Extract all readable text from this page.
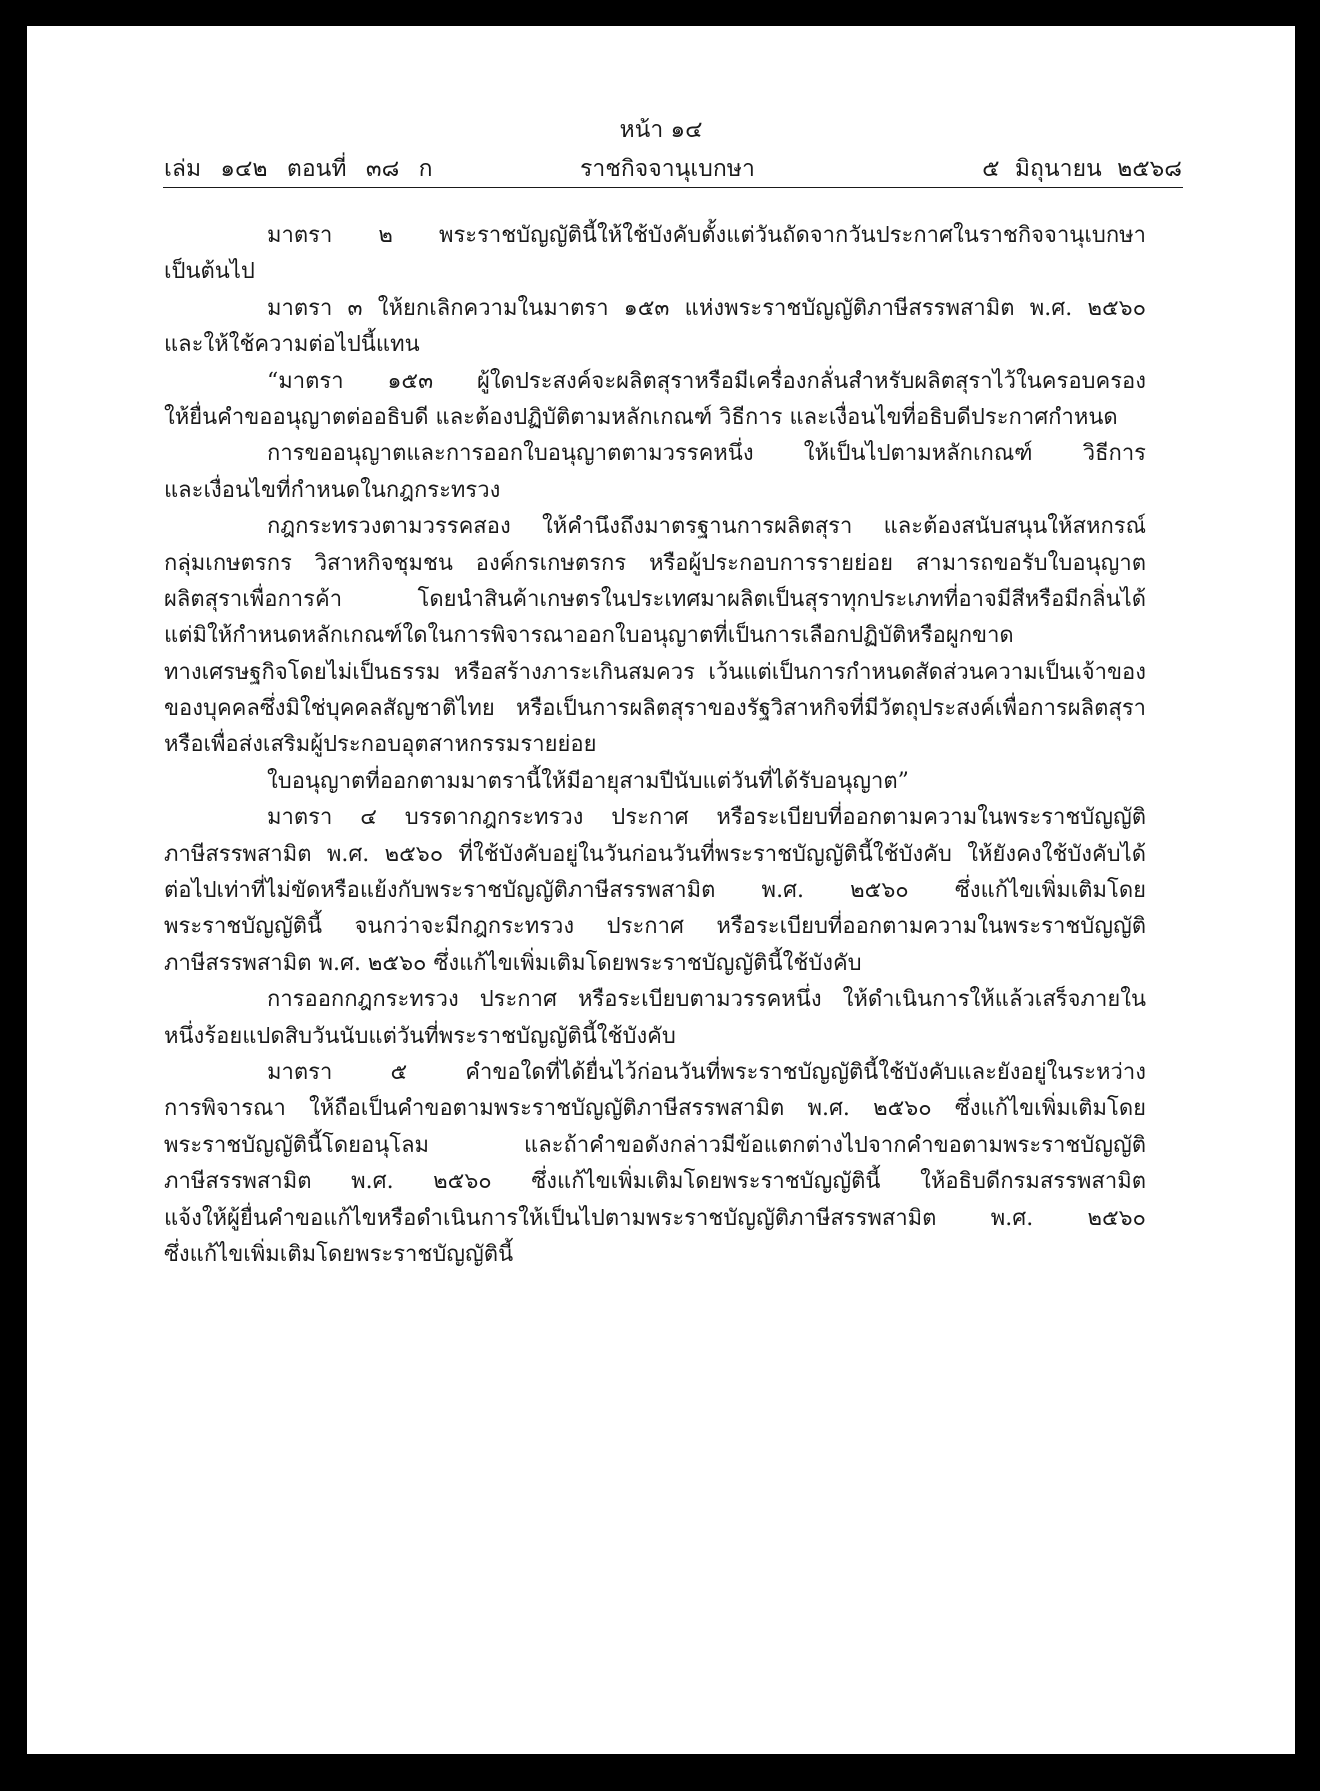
หน้า ๑๔
เล่ม ๑๔๒ ตอนที่ ๓๘ ก	ราชกิจจานุเบกษา	๕ มิถุนายน ๒๕๖๘
มาตรา ๒ พระราชบัญญัตินี้ให้ใช้บังคับตั้งแต่วันถัดจากวันประกาศในราชกิจจานุเบกษา
เป็นต้นไป
มาตรา ๓ ให้ยกเลิกความในมาตรา ๑๕๓ แห่งพระราชบัญญัติภาษีสรรพสามิต พ.ศ. ๒๕๖๐
และให้ใช้ความต่อไปนี้แทน
“มาตรา ๑๕๓ ผู้ใดประสงค์จะผลิตสุราหรือมีเครื่องกลั่นสำหรับผลิตสุราไว้ในครอบครอง
ให้ยื่นคำขออนุญาตต่ออธิบดี และต้องปฏิบัติตามหลักเกณฑ์ วิธีการ และเงื่อนไขที่อธิบดีประกาศกำหนด
การขออนุญาตและการออกใบอนุญาตตามวรรคหนึ่ง ให้เป็นไปตามหลักเกณฑ์ วิธีการ
และเงื่อนไขที่กำหนดในกฎกระทรวง
กฎกระทรวงตามวรรคสอง ให้คำนึงถึงมาตรฐานการผลิตสุรา และต้องสนับสนุนให้สหกรณ์
กลุ่มเกษตรกร วิสาหกิจชุมชน องค์กรเกษตรกร หรือผู้ประกอบการรายย่อย สามารถขอรับใบอนุญาต
ผลิตสุราเพื่อการค้า โดยนำสินค้าเกษตรในประเทศมาผลิตเป็นสุราทุกประเภทที่อาจมีสีหรือมีกลิ่นได้
แต่มิให้กำหนดหลักเกณฑ์ใดในการพิจารณาออกใบอนุญาตที่เป็นการเลือกปฏิบัติหรือผูกขาด
ทางเศรษฐกิจโดยไม่เป็นธรรม หรือสร้างภาระเกินสมควร เว้นแต่เป็นการกำหนดสัดส่วนความเป็นเจ้าของ
ของบุคคลซึ่งมิใช่บุคคลสัญชาติไทย หรือเป็นการผลิตสุราของรัฐวิสาหกิจที่มีวัตถุประสงค์เพื่อการผลิตสุรา
หรือเพื่อส่งเสริมผู้ประกอบอุตสาหกรรมรายย่อย
ใบอนุญาตที่ออกตามมาตรานี้ให้มีอายุสามปีนับแต่วันที่ได้รับอนุญาต”
มาตรา ๔ บรรดากฎกระทรวง ประกาศ หรือระเบียบที่ออกตามความในพระราชบัญญัติ
ภาษีสรรพสามิต พ.ศ. ๒๕๖๐ ที่ใช้บังคับอยู่ในวันก่อนวันที่พระราชบัญญัตินี้ใช้บังคับ ให้ยังคงใช้บังคับได้
ต่อไปเท่าที่ไม่ขัดหรือแย้งกับพระราชบัญญัติภาษีสรรพสามิต พ.ศ. ๒๕๖๐ ซึ่งแก้ไขเพิ่มเติมโดย
พระราชบัญญัตินี้ จนกว่าจะมีกฎกระทรวง ประกาศ หรือระเบียบที่ออกตามความในพระราชบัญญัติ
ภาษีสรรพสามิต พ.ศ. ๒๕๖๐ ซึ่งแก้ไขเพิ่มเติมโดยพระราชบัญญัตินี้ใช้บังคับ
การออกกฎกระทรวง ประกาศ หรือระเบียบตามวรรคหนึ่ง ให้ดำเนินการให้แล้วเสร็จภายใน
หนึ่งร้อยแปดสิบวันนับแต่วันที่พระราชบัญญัตินี้ใช้บังคับ
มาตรา ๕ คำขอใดที่ได้ยื่นไว้ก่อนวันที่พระราชบัญญัตินี้ใช้บังคับและยังอยู่ในระหว่าง
การพิจารณา ให้ถือเป็นคำขอตามพระราชบัญญัติภาษีสรรพสามิต พ.ศ. ๒๕๖๐ ซึ่งแก้ไขเพิ่มเติมโดย
พระราชบัญญัตินี้โดยอนุโลม และถ้าคำขอดังกล่าวมีข้อแตกต่างไปจากคำขอตามพระราชบัญญัติ
ภาษีสรรพสามิต พ.ศ. ๒๕๖๐ ซึ่งแก้ไขเพิ่มเติมโดยพระราชบัญญัตินี้ ให้อธิบดีกรมสรรพสามิต
แจ้งให้ผู้ยื่นคำขอแก้ไขหรือดำเนินการให้เป็นไปตามพระราชบัญญัติภาษีสรรพสามิต พ.ศ. ๒๕๖๐
ซึ่งแก้ไขเพิ่มเติมโดยพระราชบัญญัตินี้
